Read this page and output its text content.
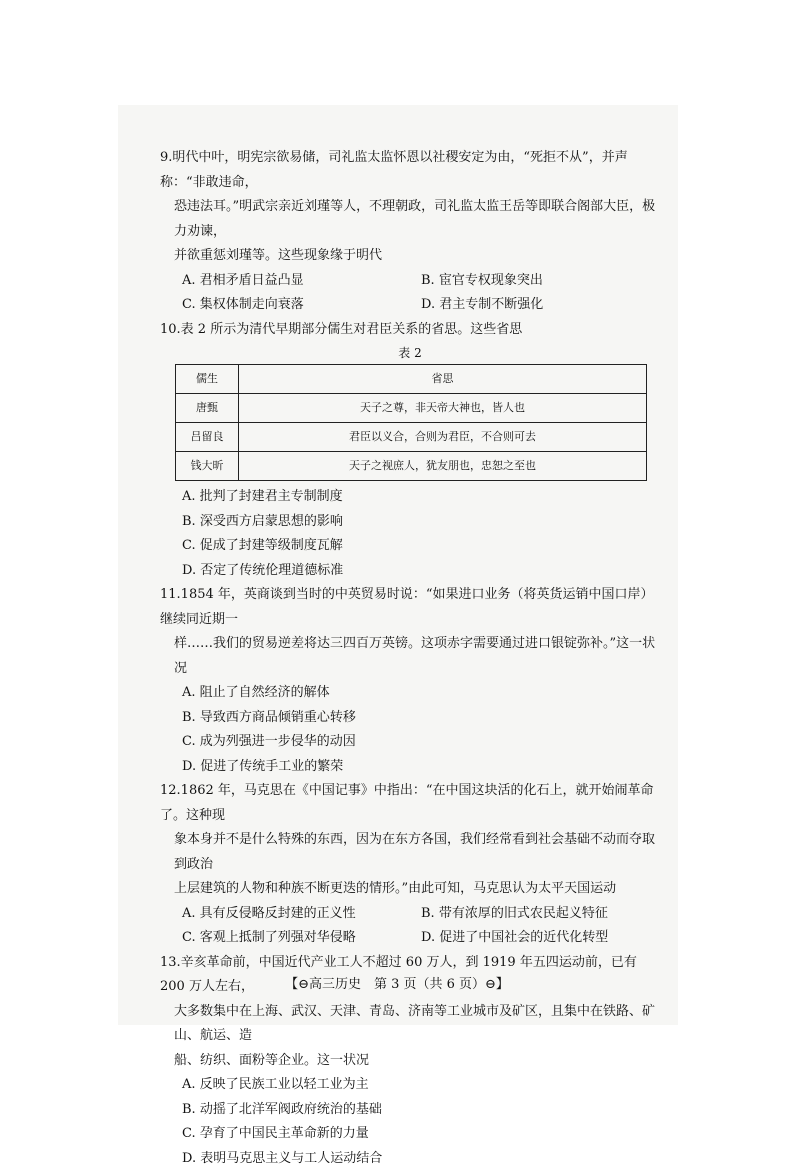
9.明代中叶，明宪宗欲易储，司礼监太监怀恩以社稷安定为由，“死拒不从”，并声称：“非敢违命，

恐违法耳。”明武宗亲近刘瑾等人，不理朝政，司礼监太监王岳等即联合阁部大臣，极力劝谏，

并欲重惩刘瑾等。这些现象缘于明代

A. 君相矛盾日益凸显	B. 宦官专权现象突出
C. 集权体制走向衰落	D. 君主专制不断强化

10.表 2 所示为清代早期部分儒生对君臣关系的省思。这些省思

表 2

儒生	省思
唐甄	天子之尊，非天帝大神也，皆人也
吕留良	君臣以义合，合则为君臣，不合则可去
钱大昕	天子之视庶人，犹友朋也，忠恕之至也

A. 批判了封建君主专制制度

B. 深受西方启蒙思想的影响

C. 促成了封建等级制度瓦解

D. 否定了传统伦理道德标准

11.1854 年，英商谈到当时的中英贸易时说：“如果进口业务（将英货运销中国口岸）继续同近期一

样……我们的贸易逆差将达三四百万英镑。这项赤字需要通过进口银锭弥补。”这一状况

A. 阻止了自然经济的解体

B. 导致西方商品倾销重心转移

C. 成为列强进一步侵华的动因

D. 促进了传统手工业的繁荣

12.1862 年，马克思在《中国记事》中指出：“在中国这块活的化石上，就开始闹革命了。这种现

象本身并不是什么特殊的东西，因为在东方各国，我们经常看到社会基础不动而夺取到政治

上层建筑的人物和种族不断更迭的情形。”由此可知，马克思认为太平天国运动

A. 具有反侵略反封建的正义性	B. 带有浓厚的旧式农民起义特征
C. 客观上抵制了列强对华侵略	D. 促进了中国社会的近代化转型

13.辛亥革命前，中国近代产业工人不超过 60 万人，到 1919 年五四运动前，已有 200 万人左右，

大多数集中在上海、武汉、天津、青岛、济南等工业城市及矿区，且集中在铁路、矿山、航运、造

船、纺织、面粉等企业。这一状况

A. 反映了民族工业以轻工业为主

B. 动摇了北洋军阀政府统治的基础

C. 孕育了中国民主革命新的力量

D. 表明马克思主义与工人运动结合

【⊖高三历史　第 3 页（共 6 页）⊖】
